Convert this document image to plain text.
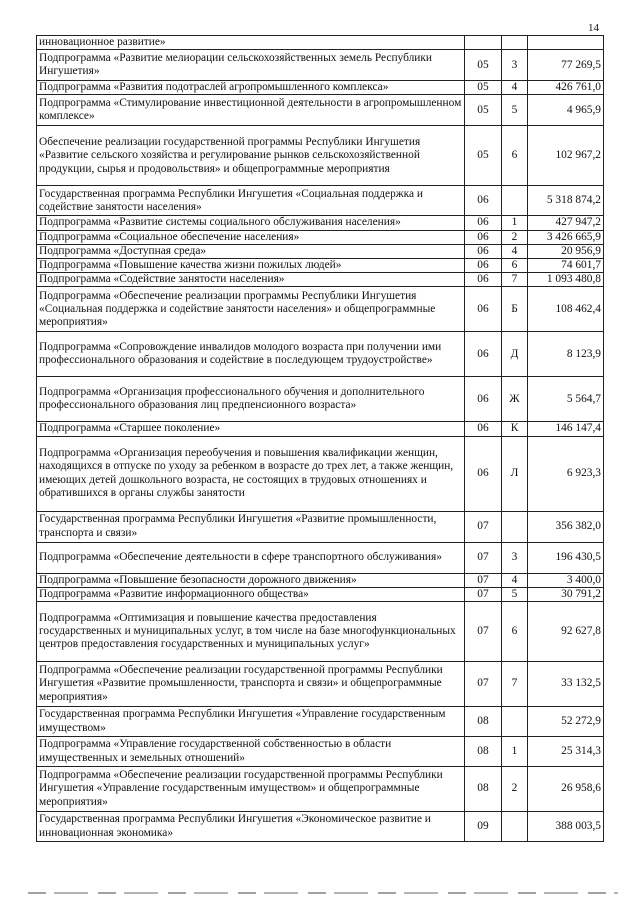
14
инновационное развитие»			
Подпрограмма «Развитие мелиорации сельскохозяйственных земель Республики Ингушетия»	05	3	77 269,5
Подпрограмма «Развития подотраслей агропромышленного комплекса»	05	4	426 761,0
Подпрограмма «Стимулирование инвестиционной деятельности в агропромышленном комплексе»	05	5	4 965,9
Обеспечение реализации государственной программы Республики Ингушетия «Развитие сельского хозяйства и регулирование рынков сельскохозяйственной продукции, сырья и продовольствия» и общепрограммные мероприятия	05	6	102 967,2
Государственная программа Республики Ингушетия «Социальная поддержка и содействие занятости населения»	06		5 318 874,2
Подпрограмма «Развитие системы социального обслуживания населения»	06	1	427 947,2
Подпрограмма «Социальное обеспечение населения»	06	2	3 426 665,9
Подпрограмма «Доступная среда»	06	4	20 956,9
Подпрограмма «Повышение качества жизни пожилых людей»	06	6	74 601,7
Подпрограмма «Содействие занятости населения»	06	7	1 093 480,8
Подпрограмма «Обеспечение реализации программы Республики Ингушетия «Социальная поддержка и содействие занятости населения» и общепрограммные мероприятия»	06	Б	108 462,4
Подпрограмма «Сопровождение инвалидов молодого возраста при получении ими профессионального образования и содействие в последующем трудоустройстве»	06	Д	8 123,9
Подпрограмма «Организация профессионального обучения и дополнительного профессионального образования лиц предпенсионного возраста»	06	Ж	5 564,7
Подпрограмма «Старшее поколение»	06	К	146 147,4
Подпрограмма «Организация переобучения и повышения квалификации женщин, находящихся в отпуске по уходу за ребенком в возрасте до трех лет, а также женщин, имеющих детей дошкольного возраста, не состоящих в трудовых отношениях и обратившихся в органы службы занятости	06	Л	6 923,3
Государственная программа Республики Ингушетия «Развитие промышленности, транспорта и связи»	07		356 382,0
Подпрограмма «Обеспечение деятельности в сфере транспортного обслуживания»	07	3	196 430,5
Подпрограмма «Повышение безопасности дорожного движения»	07	4	3 400,0
Подпрограмма «Развитие информационного общества»	07	5	30 791,2
Подпрограмма «Оптимизация и повышение качества предоставления государственных и муниципальных услуг, в том числе на базе многофункциональных центров предоставления государственных и муниципальных услуг»	07	6	92 627,8
Подпрограмма «Обеспечение реализации государственной программы Республики Ингушетия «Развитие промышленности, транспорта и связи» и общепрограммные мероприятия»	07	7	33 132,5
Государственная программа Республики Ингушетия «Управление государственным имуществом»	08		52 272,9
Подпрограмма «Управление государственной собственностью в области имущественных и земельных отношений»	08	1	25 314,3
Подпрограмма «Обеспечение реализации государственной программы Республики Ингушетия «Управление государственным имуществом» и общепрограммные мероприятия»	08	2	26 958,6
Государственная программа Республики Ингушетия «Экономическое развитие и инновационная экономика»	09		388 003,5
